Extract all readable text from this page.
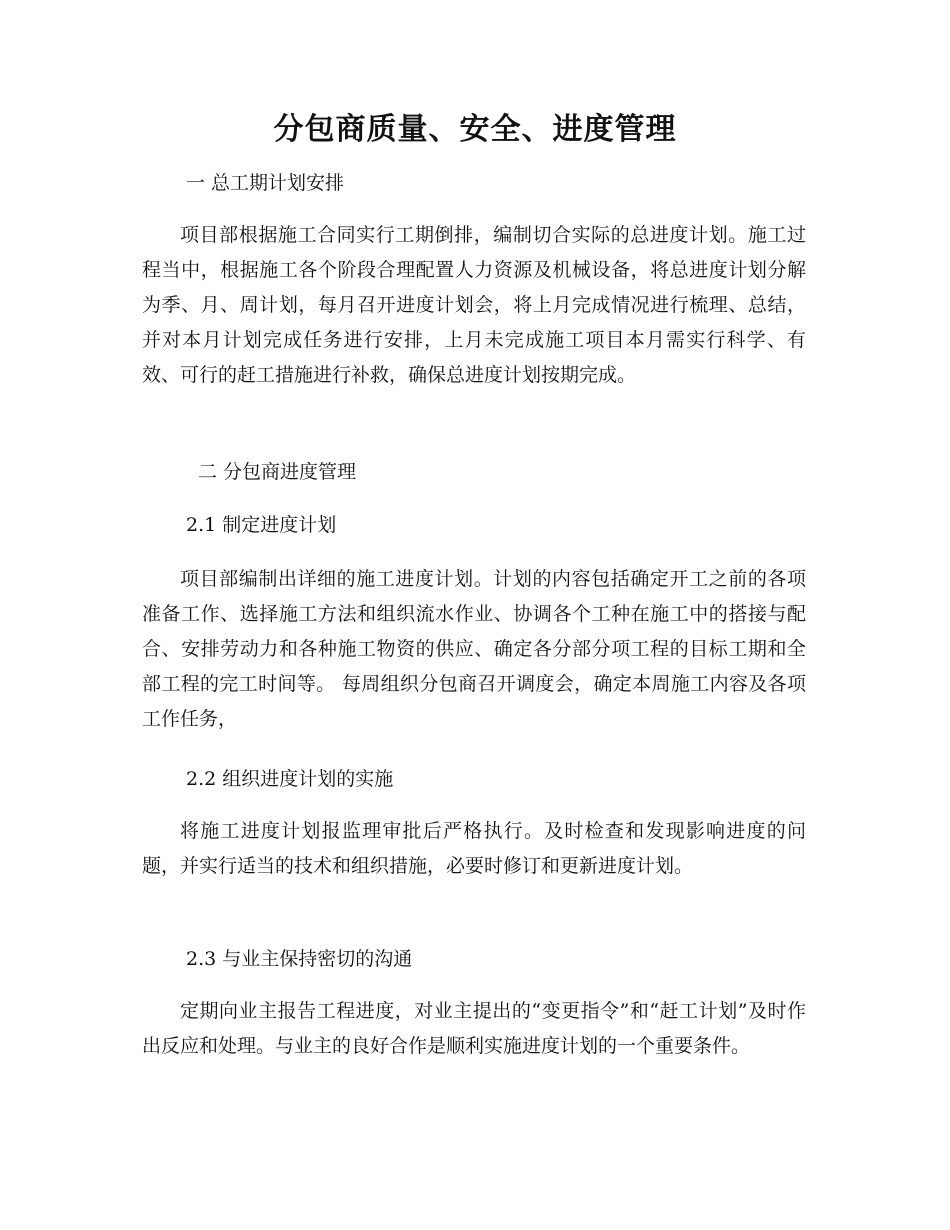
分包商质量、安全、进度管理

一 总工期计划安排

项目部根据施工合同实行工期倒排，编制切合实际的总进度计划。施工过程当中，根据施工各个阶段合理配置人力资源及机械设备，将总进度计划分解为季、月、周计划，每月召开进度计划会，将上月完成情况进行梳理、总结，并对本月计划完成任务进行安排，上月未完成施工项目本月需实行科学、有效、可行的赶工措施进行补救，确保总进度计划按期完成。

二 分包商进度管理

2.1 制定进度计划

项目部编制出详细的施工进度计划。计划的内容包括确定开工之前的各项准备工作、选择施工方法和组织流水作业、协调各个工种在施工中的搭接与配合、安排劳动力和各种施工物资的供应、确定各分部分项工程的目标工期和全部工程的完工时间等。 每周组织分包商召开调度会，确定本周施工内容及各项工作任务，

2.2 组织进度计划的实施

将施工进度计划报监理审批后严格执行。及时检查和发现影响进度的问题，并实行适当的技术和组织措施，必要时修订和更新进度计划。

2.3 与业主保持密切的沟通

定期向业主报告工程进度，对业主提出的“变更指令”和“赶工计划”及时作出反应和处理。与业主的良好合作是顺利实施进度计划的一个重要条件。
